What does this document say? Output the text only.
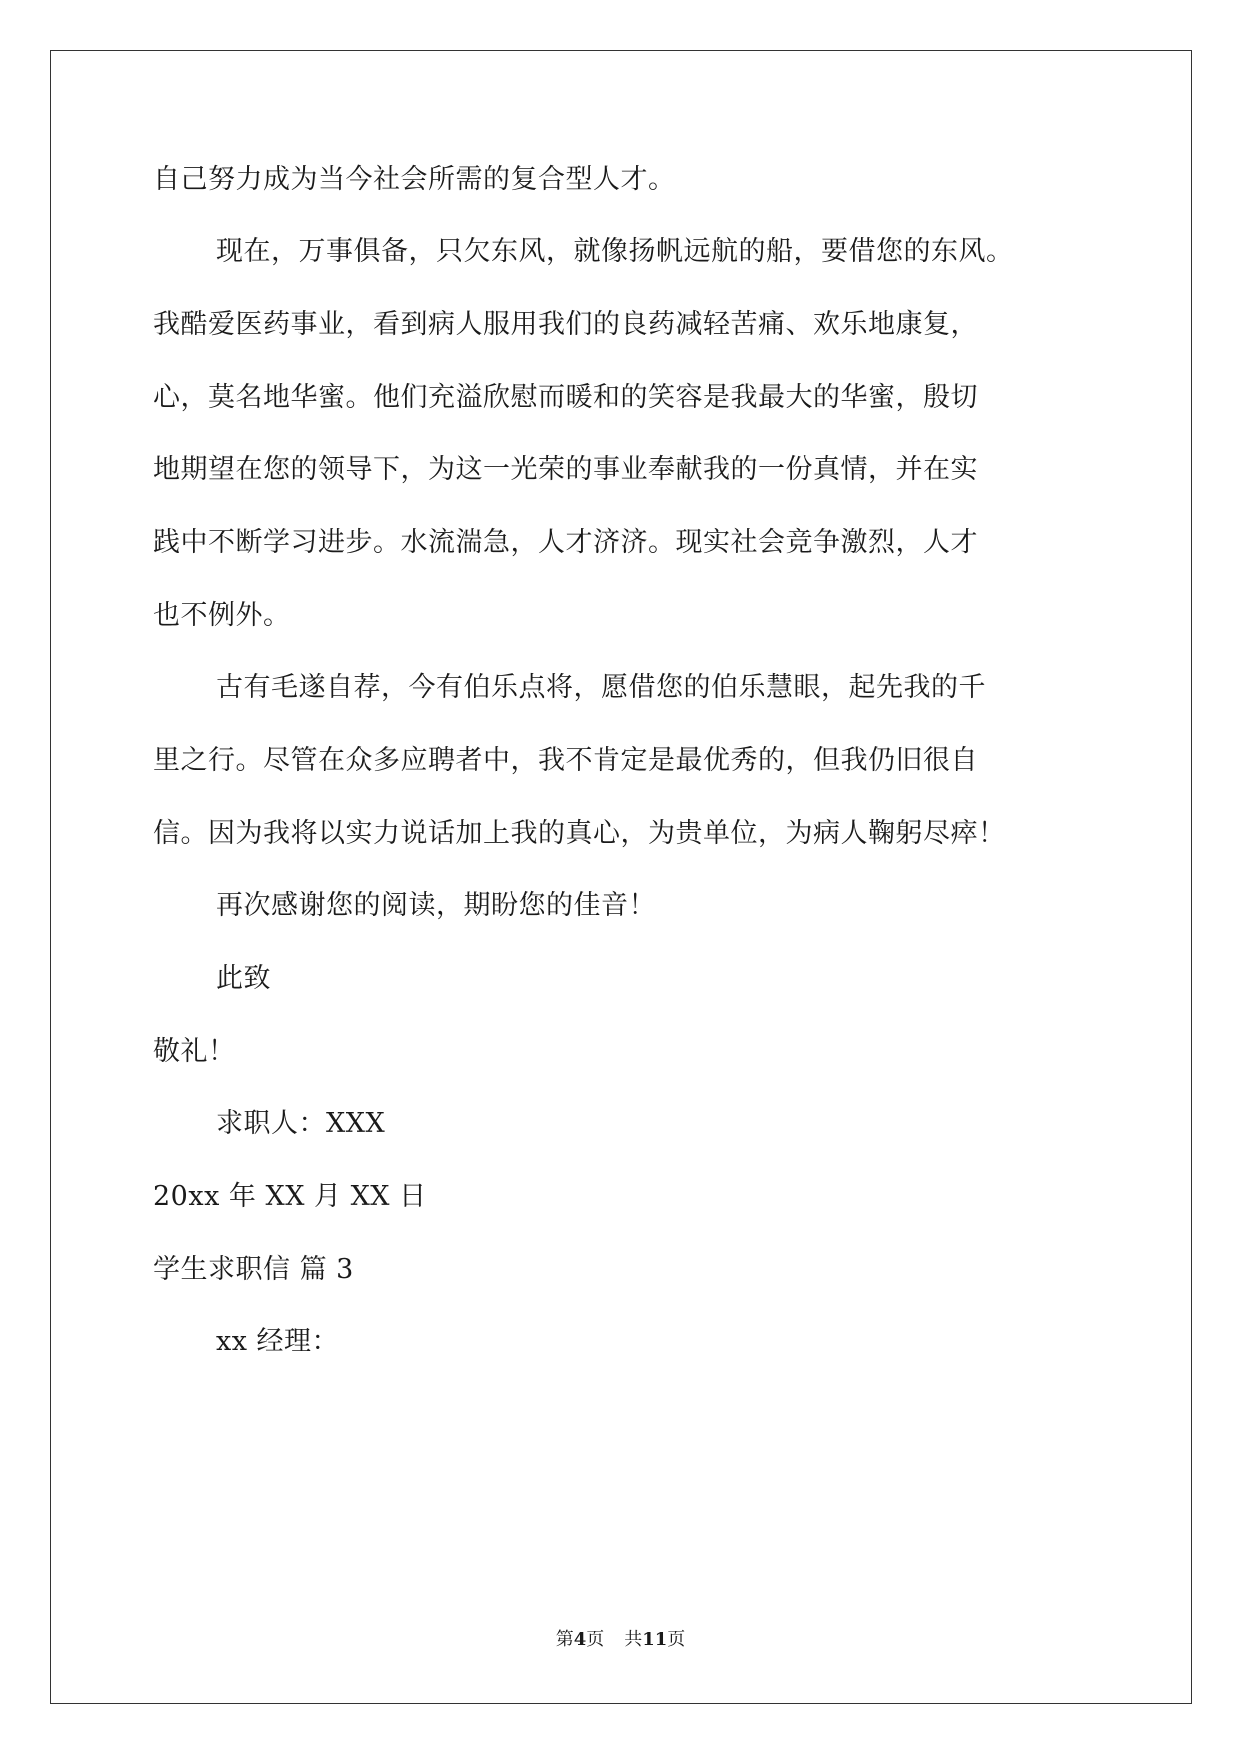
自己努力成为当今社会所需的复合型人才。
现在，万事俱备，只欠东风，就像扬帆远航的船，要借您的东风。
我酷爱医药事业，看到病人服用我们的良药减轻苦痛、欢乐地康复，
心，莫名地华蜜。他们充溢欣慰而暖和的笑容是我最大的华蜜，殷切
地期望在您的领导下，为这一光荣的事业奉献我的一份真情，并在实
践中不断学习进步。水流湍急，人才济济。现实社会竞争激烈，人才
也不例外。
古有毛遂自荐，今有伯乐点将，愿借您的伯乐慧眼，起先我的千
里之行。尽管在众多应聘者中，我不肯定是最优秀的，但我仍旧很自
信。因为我将以实力说话加上我的真心，为贵单位，为病人鞠躬尽瘁！
再次感谢您的阅读，期盼您的佳音！
此致
敬礼！
求职人：XXX
20xx 年 XX 月 XX 日
学生求职信 篇 3
xx 经理：
第4页 共11页
